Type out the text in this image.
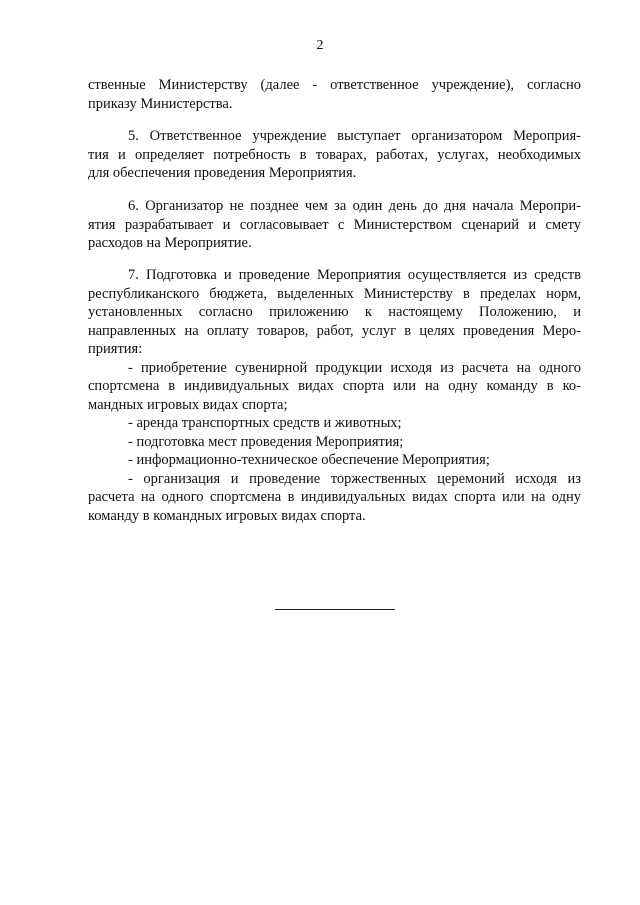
2
ственные Министерству (далее - ответственное учреждение), согласно
приказу Министерства.
5. Ответственное учреждение выступает организатором Мероприя-
тия и определяет потребность в товарах, работах, услугах, необходимых
для обеспечения проведения Мероприятия.
6. Организатор не позднее чем за один день до дня начала Меропри-
ятия разрабатывает и согласовывает с Министерством сценарий и смету
расходов на Мероприятие.
7. Подготовка и проведение Мероприятия осуществляется из средств
республиканского бюджета, выделенных Министерству в пределах норм,
установленных согласно приложению к настоящему Положению, и
направленных на оплату товаров, работ, услуг в целях проведения Меро-
приятия:
- приобретение сувенирной продукции исходя из расчета на одного
спортсмена в индивидуальных видах спорта или на одну команду в ко-
мандных игровых видах спорта;
- аренда транспортных средств и животных;
- подготовка мест проведения Мероприятия;
- информационно-техническое обеспечение Мероприятия;
- организация и проведение торжественных церемоний исходя из
расчета на одного спортсмена в индивидуальных видах спорта или на одну
команду в командных игровых видах спорта.
